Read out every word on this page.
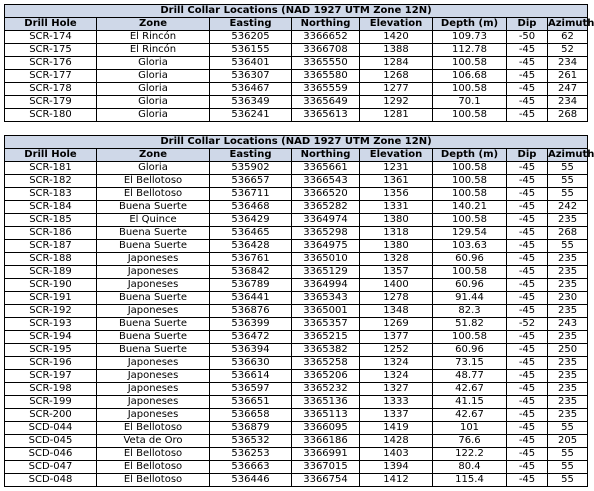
Drill Collar Locations (NAD 1927 UTM Zone 12N)							
Drill Hole	Zone	Easting	Northing	Elevation	Depth (m)	Dip	Azimuth
SCR-174	El Rincón	536205	3366652	1420	109.73	-50	62
SCR-175	El Rincón	536155	3366708	1388	112.78	-45	52
SCR-176	Gloria	536401	3365550	1284	100.58	-45	234
SCR-177	Gloria	536307	3365580	1268	106.68	-45	261
SCR-178	Gloria	536467	3365559	1277	100.58	-45	247
SCR-179	Gloria	536349	3365649	1292	70.1	-45	234
SCR-180	Gloria	536241	3365613	1281	100.58	-45	268
Drill Collar Locations (NAD 1927 UTM Zone 12N)							
Drill Hole	Zone	Easting	Northing	Elevation	Depth (m)	Dip	Azimuth
SCR-181	Gloria	535902	3365661	1231	100.58	-45	55
SCR-182	El Bellotoso	536657	3366543	1361	100.58	-45	55
SCR-183	El Bellotoso	536711	3366520	1356	100.58	-45	55
SCR-184	Buena Suerte	536468	3365282	1331	140.21	-45	242
SCR-185	El Quince	536429	3364974	1380	100.58	-45	235
SCR-186	Buena Suerte	536465	3365298	1318	129.54	-45	268
SCR-187	Buena Suerte	536428	3364975	1380	103.63	-45	55
SCR-188	Japoneses	536761	3365010	1328	60.96	-45	235
SCR-189	Japoneses	536842	3365129	1357	100.58	-45	235
SCR-190	Japoneses	536789	3364994	1400	60.96	-45	235
SCR-191	Buena Suerte	536441	3365343	1278	91.44	-45	230
SCR-192	Japoneses	536876	3365001	1348	82.3	-45	235
SCR-193	Buena Suerte	536399	3365357	1269	51.82	-52	243
SCR-194	Buena Suerte	536472	3365215	1377	100.58	-45	235
SCR-195	Buena Suerte	536394	3365382	1252	60.96	-45	250
SCR-196	Japoneses	536630	3365258	1324	73.15	-45	235
SCR-197	Japoneses	536614	3365206	1324	48.77	-45	235
SCR-198	Japoneses	536597	3365232	1327	42.67	-45	235
SCR-199	Japoneses	536651	3365136	1333	41.15	-45	235
SCR-200	Japoneses	536658	3365113	1337	42.67	-45	235
SCD-044	El Bellotoso	536879	3366095	1419	101	-45	55
SCD-045	Veta de Oro	536532	3366186	1428	76.6	-45	205
SCD-046	El Bellotoso	536253	3366991	1403	122.2	-45	55
SCD-047	El Bellotoso	536663	3367015	1394	80.4	-45	55
SCD-048	El Bellotoso	536446	3366754	1412	115.4	-45	55
